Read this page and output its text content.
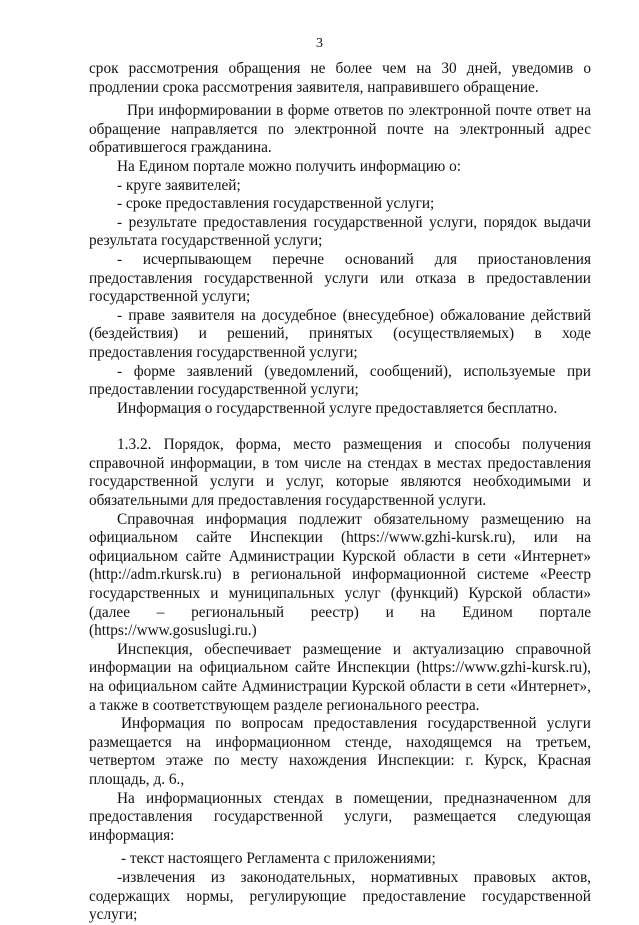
3

срок рассмотрения обращения не более чем на 30 дней, уведомив о продлении срока рассмотрения заявителя, направившего обращение.

При информировании в форме ответов по электронной почте ответ на обращение направляется по электронной почте на электронный адрес обратившегося гражданина.

На Едином портале можно получить информацию о:

- круге заявителей;

- сроке предоставления государственной услуги;

- результате предоставления государственной услуги, порядок выдачи результата государственной услуги;

- исчерпывающем перечне оснований для приостановления предоставления государственной услуги или отказа в предоставлении государственной услуги;

- праве заявителя на досудебное (внесудебное) обжалование действий (бездействия) и решений, принятых (осуществляемых) в ходе предоставления государственной услуги;

- форме заявлений (уведомлений, сообщений), используемые при предоставлении государственной услуги;

Информация о государственной услуге предоставляется бесплатно.

1.3.2. Порядок, форма, место размещения и способы получения справочной информации, в том числе на стендах в местах предоставления государственной услуги и услуг, которые являются необходимыми и обязательными для предоставления государственной услуги.

Справочная информация подлежит обязательному размещению на официальном сайте Инспекции (https://www.gzhi-kursk.ru), или на официальном сайте Администрации Курской области в сети «Интернет» (http://adm.rkursk.ru) в региональной информационной системе «Реестр государственных и муниципальных услуг (функций) Курской области» (далее – региональный реестр) и на Едином портале (https://www.gosuslugi.ru.)

Инспекция, обеспечивает размещение и актуализацию справочной информации на официальном сайте Инспекции (https://www.gzhi-kursk.ru), на официальном сайте Администрации Курской области в сети «Интернет», а также в соответствующем разделе регионального реестра.

Информация по вопросам предоставления государственной услуги размещается на информационном стенде, находящемся на третьем, четвертом этаже по месту нахождения Инспекции: г. Курск, Красная площадь, д. 6.,

На информационных стендах в помещении, предназначенном для предоставления государственной услуги, размещается следующая информация:

- текст настоящего Регламента с приложениями;

-извлечения из законодательных, нормативных правовых актов, содержащих нормы, регулирующие предоставление государственной услуги;
